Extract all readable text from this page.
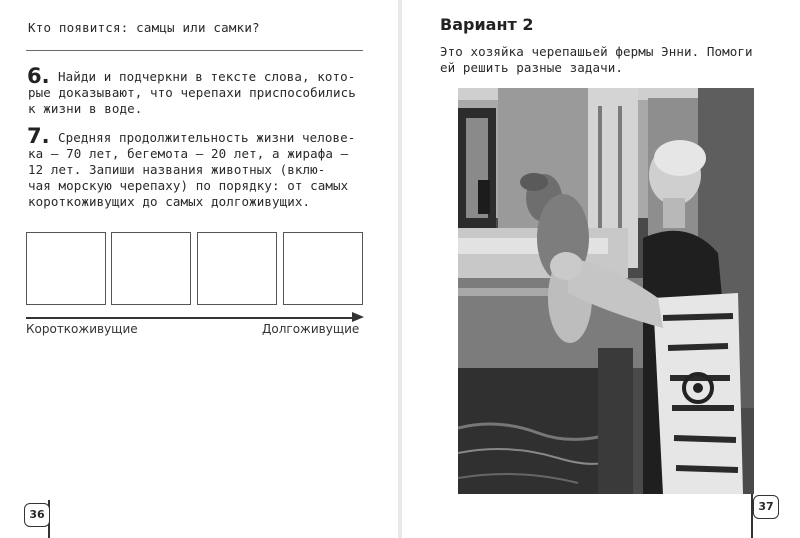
Кто появится: самцы или самки?
6. Найди и подчеркни в тексте слова, кото-
рые доказывают, что черепахи приспособились
к жизни в воде.
7. Средняя продолжительность жизни челове-
ка — 70 лет, бегемота — 20 лет, а жирафа —
12 лет. Запиши названия животных (вклю-
чая морскую черепаху) по порядку: от самых
короткоживущих до самых долгоживущих.
Короткоживущие	Долгоживущие
36
37
Вариант 2
Это хозяйка черепашьей фермы Энни. Помоги
ей решить разные задачи.
